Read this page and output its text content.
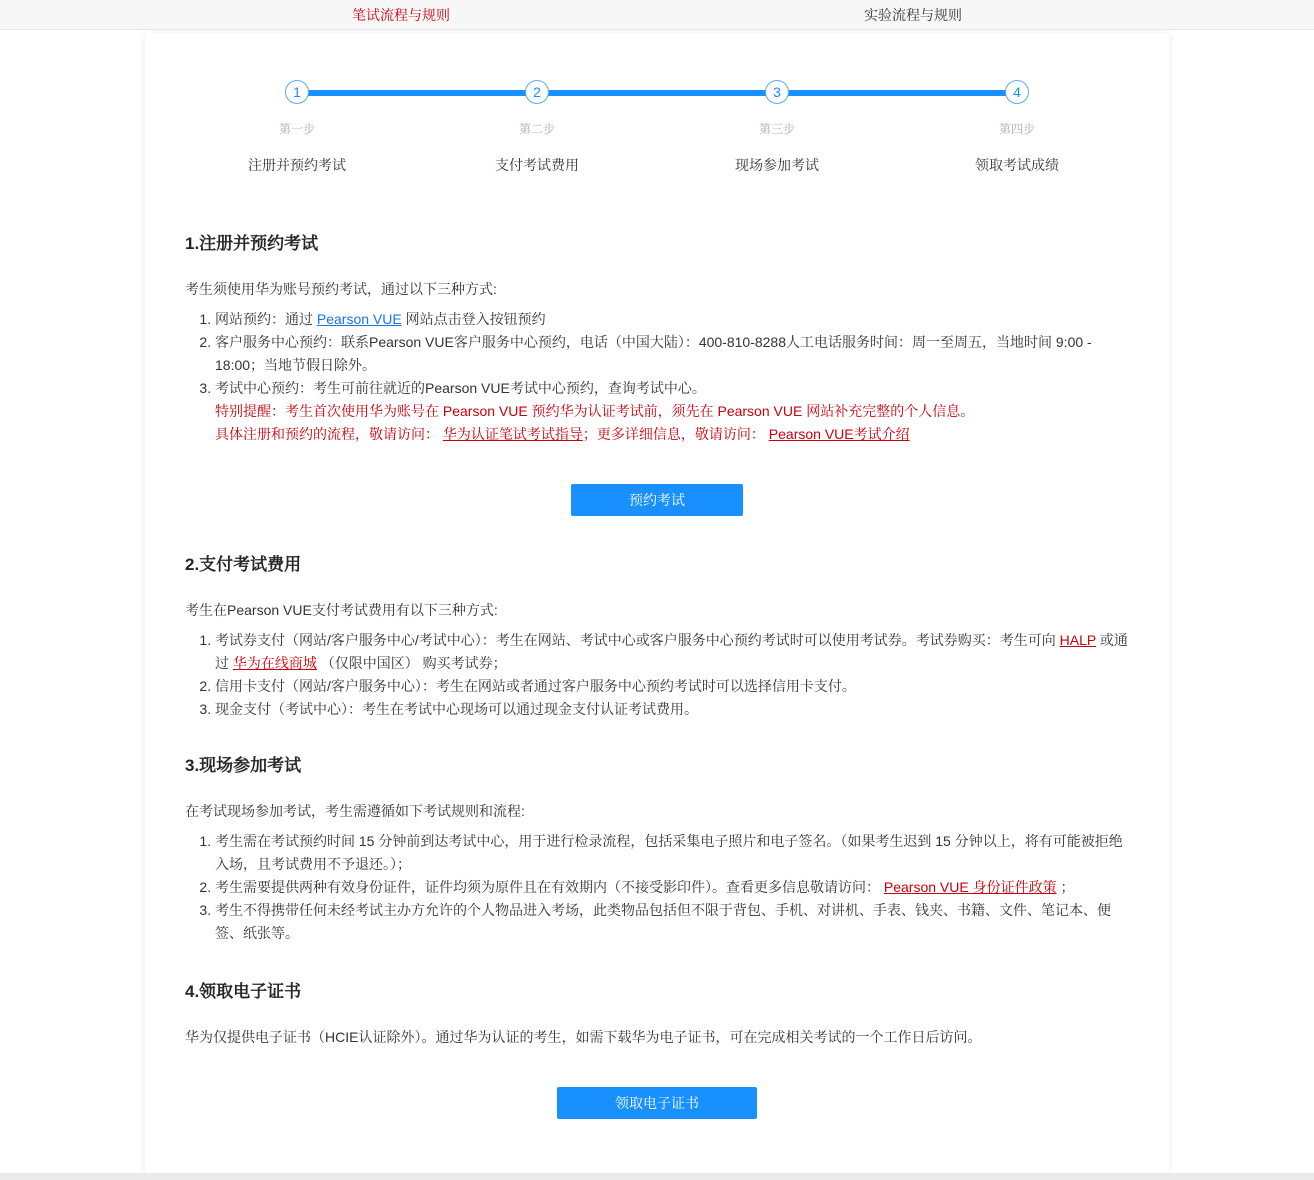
笔试流程与规则	实验流程与规则
1
第一步
注册并预约考试
2
第二步
支付考试费用
3
第三步
现场参加考试
4
第四步
领取考试成绩
1.注册并预约考试

考生须使用华为账号预约考试，通过以下三种方式:

1. 网站预约：通过 Pearson VUE 网站点击登入按钮预约
2. 客户服务中心预约：联系Pearson VUE客户服务中心预约，电话（中国大陆）：400-810-8288人工电话服务时间：周一至周五，当地时间 9:00 - 18:00；当地节假日除外。
3. 考试中心预约：考生可前往就近的Pearson VUE考试中心预约，查询考试中心。
特别提醒：考生首次使用华为账号在 Pearson VUE 预约华为认证考试前，须先在 Pearson VUE 网站补充完整的个人信息。
具体注册和预约的流程，敬请访问： 华为认证笔试考试指导；更多详细信息，敬请访问： Pearson VUE考试介绍
预约考试
2.支付考试费用

考生在Pearson VUE支付考试费用有以下三种方式:

1. 考试券支付（网站/客户服务中心/考试中心）：考生在网站、考试中心或客户服务中心预约考试时可以使用考试券。考试券购买：考生可向 HALP 或通过 华为在线商城 （仅限中国区） 购买考试券；
2. 信用卡支付（网站/客户服务中心）：考生在网站或者通过客户服务中心预约考试时可以选择信用卡支付。
3. 现金支付（考试中心）：考生在考试中心现场可以通过现金支付认证考试费用。
3.现场参加考试

在考试现场参加考试，考生需遵循如下考试规则和流程:

1. 考生需在考试预约时间 15 分钟前到达考试中心，用于进行检录流程，包括采集电子照片和电子签名。（如果考生迟到 15 分钟以上，将有可能被拒绝入场，且考试费用不予退还。）；
2. 考生需要提供两种有效身份证件，证件均须为原件且在有效期内（不接受影印件）。查看更多信息敬请访问： Pearson VUE 身份证件政策 ；
3. 考生不得携带任何未经考试主办方允许的个人物品进入考场，此类物品包括但不限于背包、手机、对讲机、手表、钱夹、书籍、文件、笔记本、便签、纸张等。
4.领取电子证书

华为仅提供电子证书（HCIE认证除外）。通过华为认证的考生，如需下载华为电子证书，可在完成相关考试的一个工作日后访问。

领取电子证书
